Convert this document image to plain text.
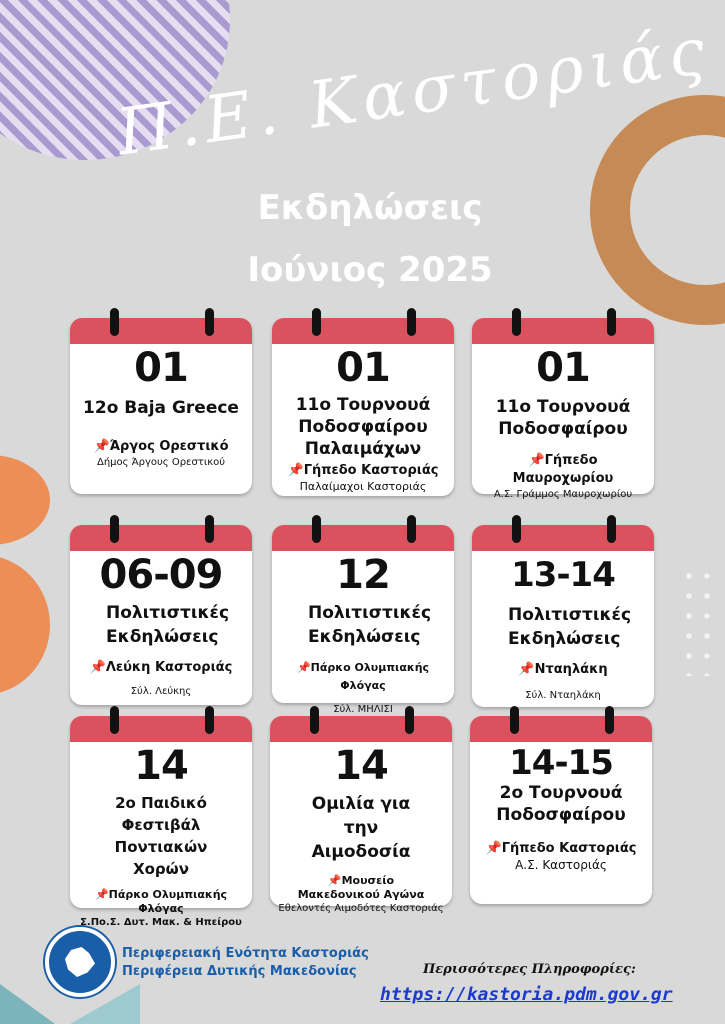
Π.Ε. Καστοριάς
Εκδηλώσεις
Ιούνιος 2025
01
12ο Baja Greece
📌Άργος Ορεστικό
Δήμος Άργους Ορεστικού
01
11ο Τουρνουά Ποδοσφαίρου Παλαιμάχων
📌Γήπεδο Καστοριάς
Παλαίμαχοι Καστοριάς
01
11ο Τουρνουά Ποδοσφαίρου
📌Γήπεδο Μαυροχωρίου
Α.Σ. Γράμμος Μαυροχωρίου
06-09
Πολιτιστικές Εκδηλώσεις
📌Λεύκη Καστοριάς
Σύλ. Λεύκης
12
Πολιτιστικές Εκδηλώσεις
📌Πάρκο Ολυμπιακής Φλόγας
Σύλ. ΜΗΛΙΣΙ
13-14
Πολιτιστικές Εκδηλώσεις
📌Νταηλάκη
Σύλ. Νταηλάκη
14
2ο Παιδικό Φεστιβάλ Ποντιακών Χορών
📌Πάρκο Ολυμπιακής Φλόγας
Σ.Πο.Σ. Δυτ. Μακ. & Ηπείρου
14
Ομιλία για την Αιμοδοσία
📌Μουσείο Μακεδονικού Αγώνα
Εθελοντές Αιμοδότες Καστοριάς
14-15
2ο Τουρνουά Ποδοσφαίρου
📌Γήπεδο Καστοριάς
Α.Σ. Καστοριάς
Περιφερειακή Ενότητα Καστοριάς
Περιφέρεια Δυτικής Μακεδονίας	Περισσότερες Πληροφορίες:
https://kastoria.pdm.gov.gr
